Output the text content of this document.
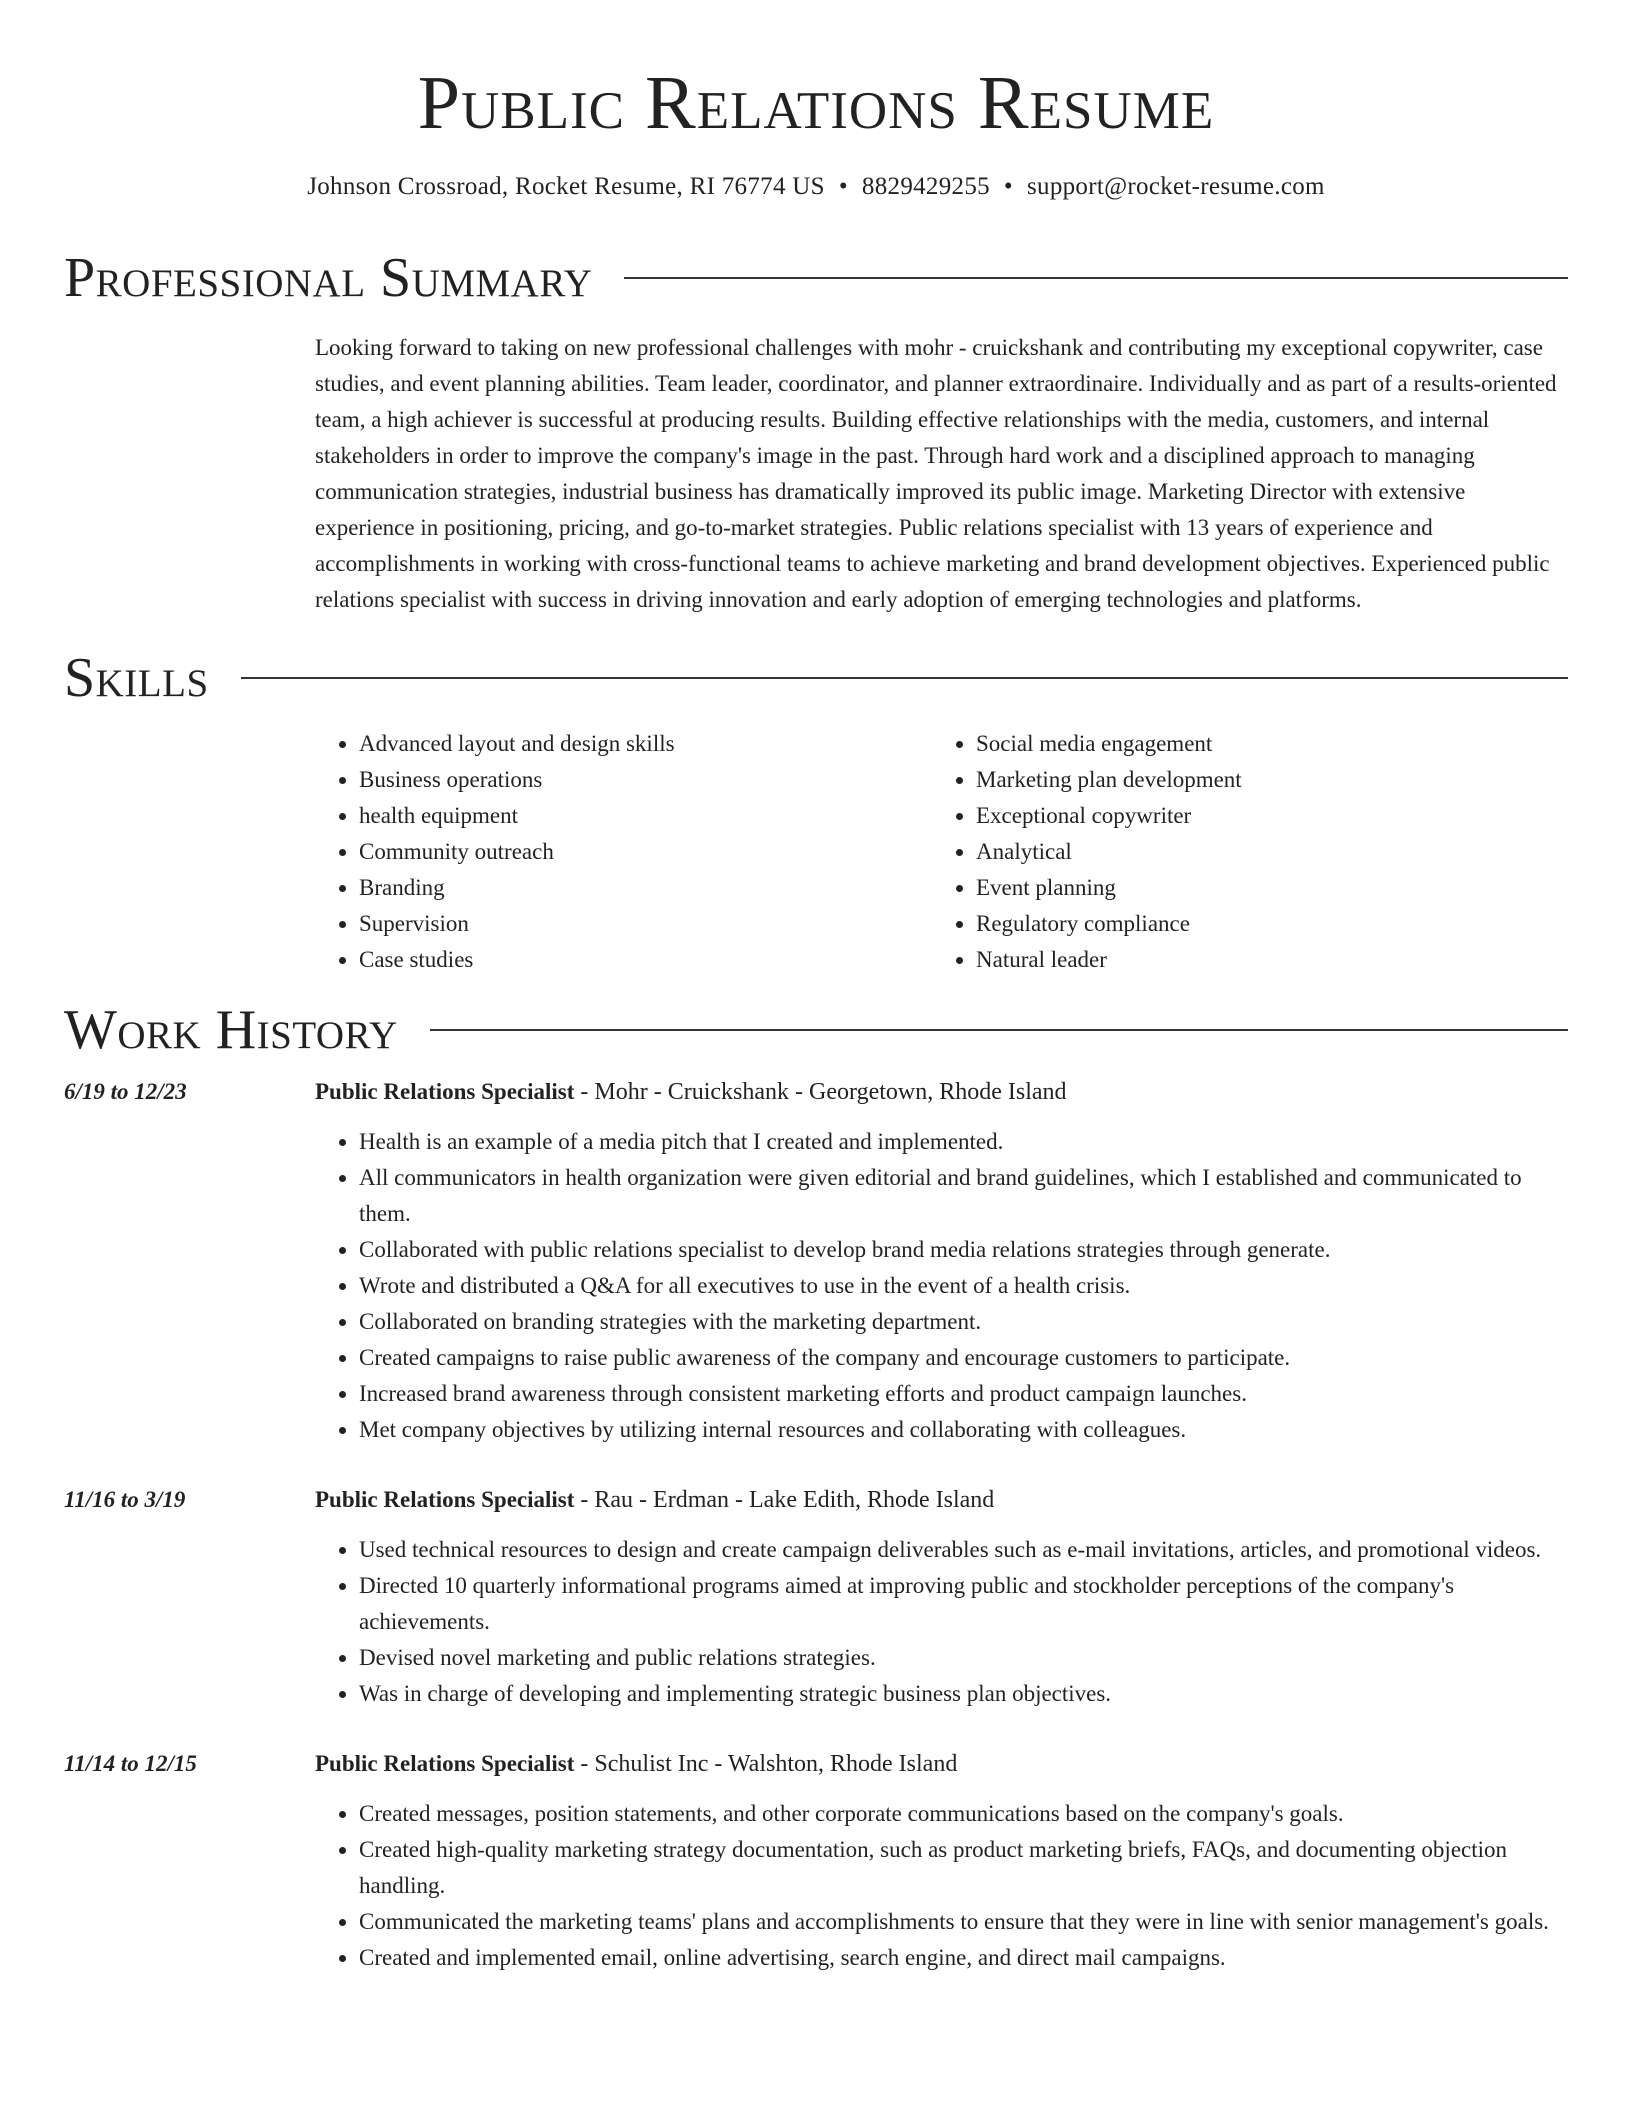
Public Relations Resume
Johnson Crossroad, Rocket Resume, RI 76774 US • 8829429255 • support@rocket-resume.com
Professional Summary

Looking forward to taking on new professional challenges with mohr - cruickshank and contributing my exceptional copywriter, case studies, and event planning abilities. Team leader, coordinator, and planner extraordinaire. Individually and as part of a results-oriented team, a high achiever is successful at producing results. Building effective relationships with the media, customers, and internal stakeholders in order to improve the company's image in the past. Through hard work and a disciplined approach to managing communication strategies, industrial business has dramatically improved its public image. Marketing Director with extensive experience in positioning, pricing, and go-to-market strategies. Public relations specialist with 13 years of experience and accomplishments in working with cross-functional teams to achieve marketing and brand development objectives. Experienced public relations specialist with success in driving innovation and early adoption of emerging technologies and platforms.

Skills
• Advanced layout and design skills
• Business operations
• health equipment
• Community outreach
• Branding
• Supervision
• Case studies
• Social media engagement
• Marketing plan development
• Exceptional copywriter
• Analytical
• Event planning
• Regulatory compliance
• Natural leader
Work History
6/19 to 12/23	Public Relations Specialist - Mohr - Cruickshank - Georgetown, Rhode Island
• Health is an example of a media pitch that I created and implemented.
• All communicators in health organization were given editorial and brand guidelines, which I established and communicated to them.
• Collaborated with public relations specialist to develop brand media relations strategies through generate.
• Wrote and distributed a Q&A for all executives to use in the event of a health crisis.
• Collaborated on branding strategies with the marketing department.
• Created campaigns to raise public awareness of the company and encourage customers to participate.
• Increased brand awareness through consistent marketing efforts and product campaign launches.
• Met company objectives by utilizing internal resources and collaborating with colleagues.
11/16 to 3/19	Public Relations Specialist - Rau - Erdman - Lake Edith, Rhode Island
• Used technical resources to design and create campaign deliverables such as e-mail invitations, articles, and promotional videos.
• Directed 10 quarterly informational programs aimed at improving public and stockholder perceptions of the company's achievements.
• Devised novel marketing and public relations strategies.
• Was in charge of developing and implementing strategic business plan objectives.
11/14 to 12/15	Public Relations Specialist - Schulist Inc - Walshton, Rhode Island
• Created messages, position statements, and other corporate communications based on the company's goals.
• Created high-quality marketing strategy documentation, such as product marketing briefs, FAQs, and documenting objection handling.
• Communicated the marketing teams' plans and accomplishments to ensure that they were in line with senior management's goals.
• Created and implemented email, online advertising, search engine, and direct mail campaigns.
